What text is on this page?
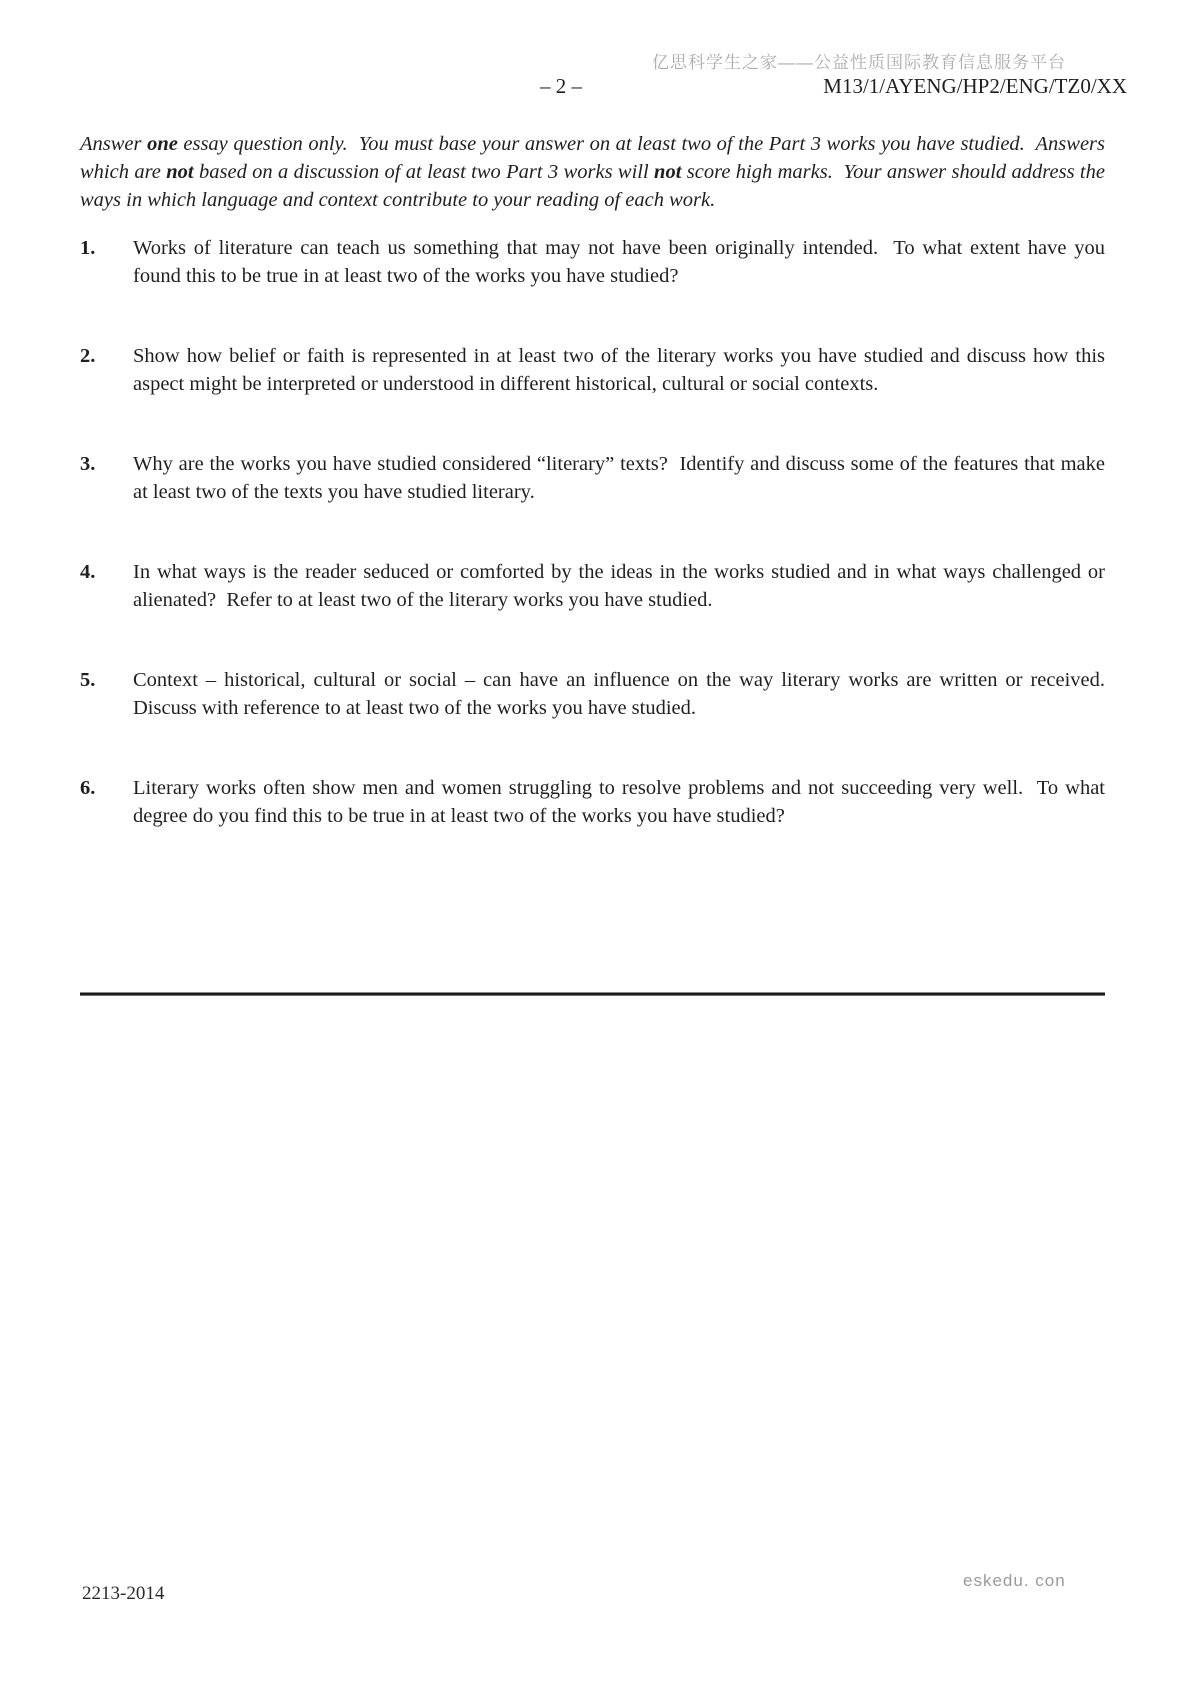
亿思科学生之家——公益性质国际教育信息服务平台
– 2 –	M13/1/AYENG/HP2/ENG/TZ0/XX

Answer one essay question only.  You must base your answer on at least two of the Part 3 works you have studied.  Answers which are not based on a discussion of at least two Part 3 works will not score high marks.  Your answer should address the ways in which language and context contribute to your reading of each work.

1.	Works of literature can teach us something that may not have been originally intended.  To what extent have you found this to be true in at least two of the works you have studied?
2.	Show how belief or faith is represented in at least two of the literary works you have studied and discuss how this aspect might be interpreted or understood in different historical, cultural or social contexts.
3.	Why are the works you have studied considered “literary” texts?  Identify and discuss some of the features that make at least two of the texts you have studied literary.
4.	In what ways is the reader seduced or comforted by the ideas in the works studied and in what ways challenged or alienated?  Refer to at least two of the literary works you have studied.
5.	Context – historical, cultural or social – can have an influence on the way literary works are written or received.  Discuss with reference to at least two of the works you have studied.
6.	Literary works often show men and women struggling to resolve problems and not succeeding very well.  To what degree do you find this to be true in at least two of the works you have studied?
2213-2014
eskedu. con
